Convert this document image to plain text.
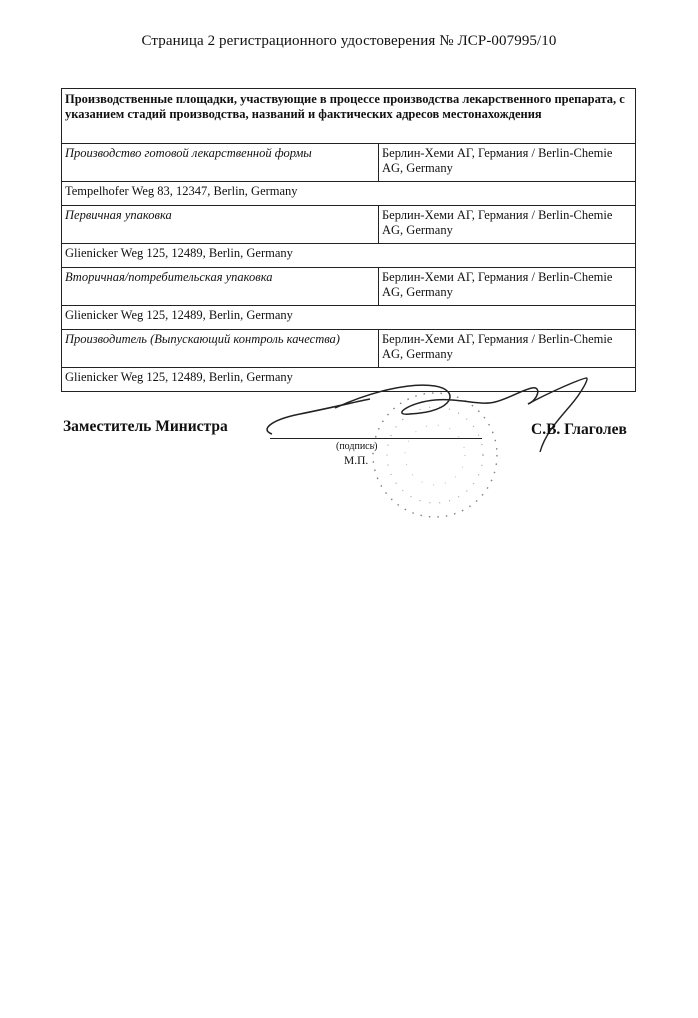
Страница 2 регистрационного удостоверения № ЛСР-007995/10
Производственные площадки, участвующие в процессе производства лекарственного препарата, с указанием стадий производства, названий и фактических адресов местонахождения	
Производство готовой лекарственной формы	Берлин-Хеми АГ, Германия / Berlin-Chemie AG, Germany
Tempelhofer Weg 83, 12347, Berlin, Germany	
Первичная упаковка	Берлин-Хеми АГ, Германия / Berlin-Chemie AG, Germany
Glienicker Weg 125, 12489, Berlin, Germany	
Вторичная/потребительская упаковка	Берлин-Хеми АГ, Германия / Berlin-Chemie AG, Germany
Glienicker Weg 125, 12489, Berlin, Germany	
Производитель (Выпускающий контроль качества)	Берлин-Хеми АГ, Германия / Berlin-Chemie AG, Germany
Glienicker Weg 125, 12489, Berlin, Germany	
Заместитель Министра
(подпись)
М.П.
С.В. Глаголев
